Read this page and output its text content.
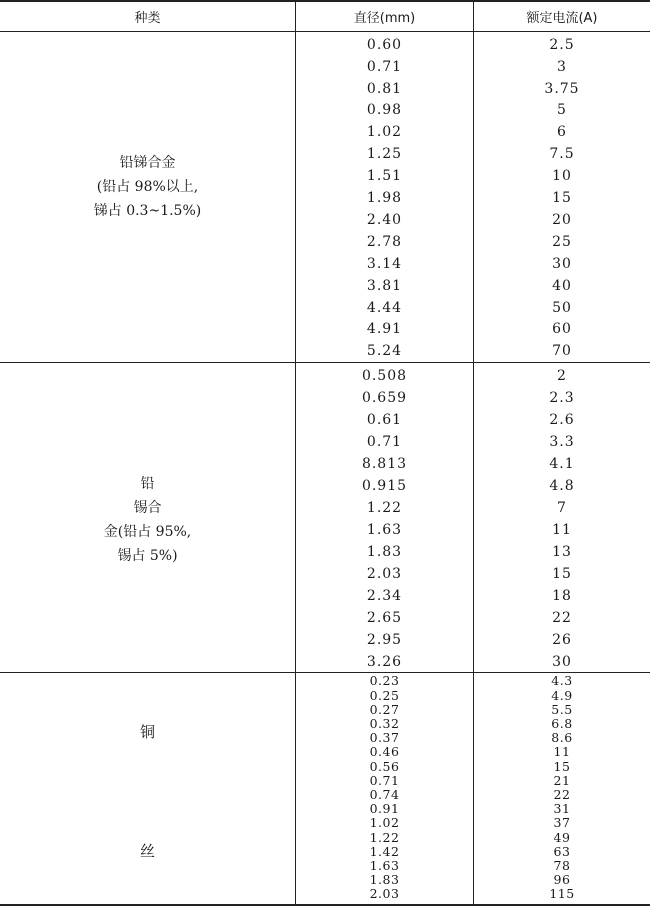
种类	直径(mm)	额定电流(A)
铅锑合金
(铅占 98%以上,
锑占 0.3~1.5%)
0.60	2.5
0.71	3
0.81	3.75
0.98	5
1.02	6
1.25	7.5
1.51	10
1.98	15
2.40	20
2.78	25
3.14	30
3.81	40
4.44	50
4.91	60
5.24	70
铅
锡合
金(铅占 95%,
锡占 5%)
0.508	2
0.659	2.3
0.61	2.6
0.71	3.3
8.813	4.1
0.915	4.8
1.22	7
1.63	11
1.83	13
2.03	15
2.34	18
2.65	22
2.95	26
3.26	30
铜
丝
0.23	4.3
0.25	4.9
0.27	5.5
0.32	6.8
0.37	8.6
0.46	11
0.56	15
0.71	21
0.74	22
0.91	31
1.02	37
1.22	49
1.42	63
1.63	78
1.83	96
2.03	115
